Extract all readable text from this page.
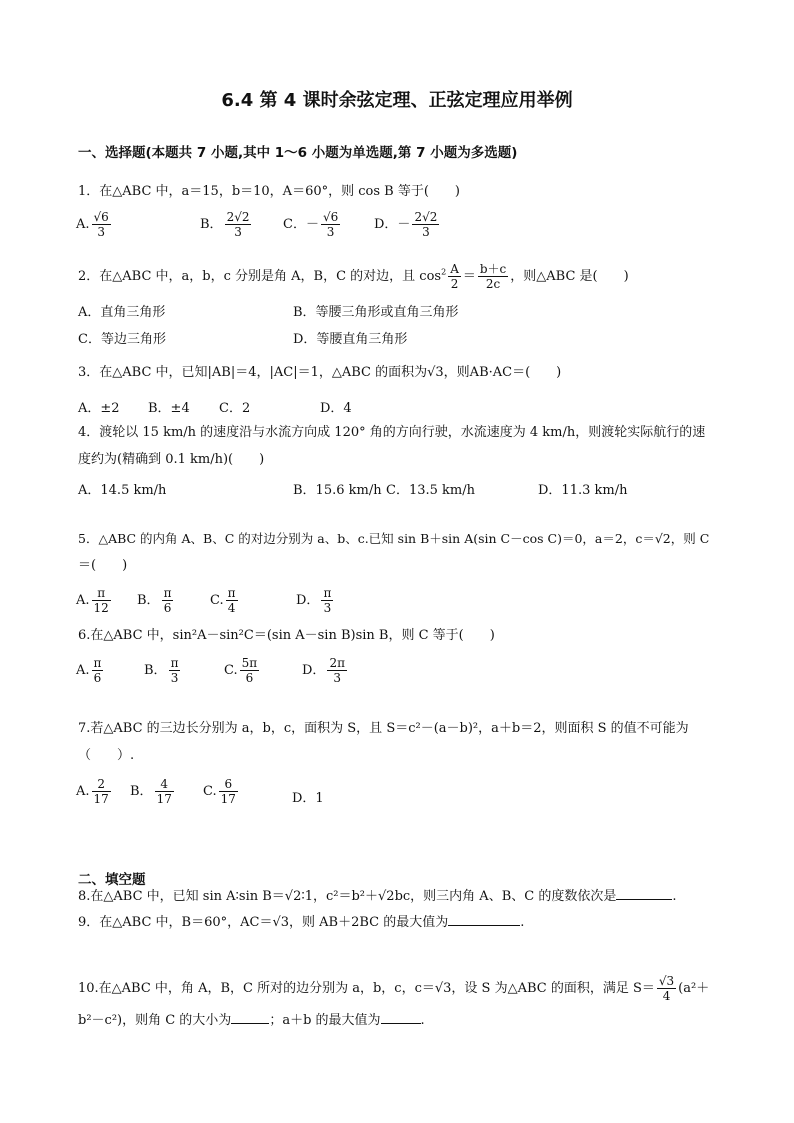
6.4 第 4 课时余弦定理、正弦定理应用举例
一、选择题(本题共 7 小题,其中 1～6 小题为单选题,第 7 小题为多选题)
1．在△ABC 中，a＝15，b＝10，A＝60°，则 cos B 等于(　　)
A. $\frac{√6}{3}$	B． $\frac{2√2}{3}$ C．－ $\frac{√6}{3}$	D．－ $\frac{2√2}{3}$
2．在△ABC 中，a，b，c 分别是角 A，B，C 的对边，且 $\cos^2 \frac{A}{2} = \frac{b+c}{2c}$ ，则△ABC 是(　　)
A．直角三角形	B．等腰三角形或直角三角形
C．等边三角形	D．等腰直角三角形
3．在△ABC 中，已知|AB|＝4，|AC|＝1，△ABC 的面积为√3，则AB·AC＝(　　)
A．±2 B．±4 C．2	D．4
4．渡轮以 15 km/h 的速度沿与水流方向成 120° 角的方向行驶，水流速度为 4 km/h，则渡轮实际航行的速
度约为(精确到 0.1 km/h)(　　)
A．14.5 km/h	B．15.6 km/h C．13.5 km/h	D．11.3 km/h
5．△ABC 的内角 A、B、C 的对边分别为 a、b、c.已知 sin B＋sin A(sin C－cos C)＝0，a＝2，c＝√2，则 C
＝(　　)
A. $\frac{\pi}{12}$ B． $\frac{\pi}{6}$	C. $\frac{\pi}{4}$	D． $\frac{\pi}{3}$
6.在△ABC 中，sin²A－sin²C＝(sin A－sin B)sin B，则 C 等于(　　)
A. $\frac{\pi}{6}$	B． $\frac{\pi}{3}$	C. $\frac{5\pi}{6}$	D． $\frac{2\pi}{3}$
7.若△ABC 的三边长分别为 a，b，c，面积为 S，且 S＝c²－(a－b)²，a＋b＝2，则面积 S 的值不可能为
（　　）.
A. $\frac{2}{17}$ B． $\frac{4}{17} C$. $\frac{6}{17}$	D．1
二、填空题
8.在△ABC 中，已知 sin A∶sin B＝√2∶1，c²＝b²＋√2bc，则三内角 A、B、C 的度数依次是	.
9．在△ABC 中，B＝60°，AC＝√3，则 AB＋2BC 的最大值为	.
10.在△ABC 中，角 A，B，C 所对的边分别为 a，b，c，c＝√3，设 S 为△ABC 的面积，满足 $S= \frac{√3}{4} (a^2+$
b²－c²)，则角 C 的大小为	；a＋b 的最大值为	.
